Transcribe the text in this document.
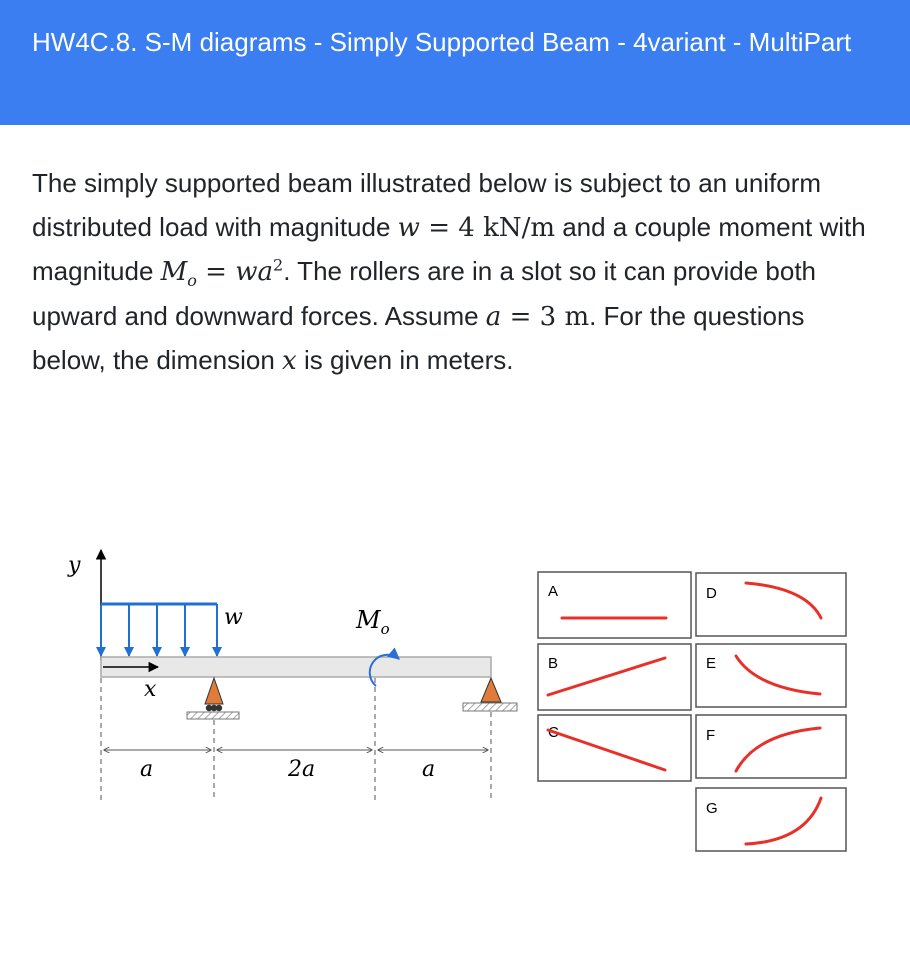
HW4C.8. S-M diagrams - Simply Supported Beam - 4variant - MultiPart
The simply supported beam illustrated below is subject to an uniform distributed load with magnitude w = 4 kN/m and a couple moment with magnitude $M_o = wa^2$. The rollers are in a slot so it can provide both upward and downward forces. Assume a = 3 m. For the questions below, the dimension x is given in meters.
y
w
x
$M_o$
a	2a	a
A
B
C
D
E
F
G
